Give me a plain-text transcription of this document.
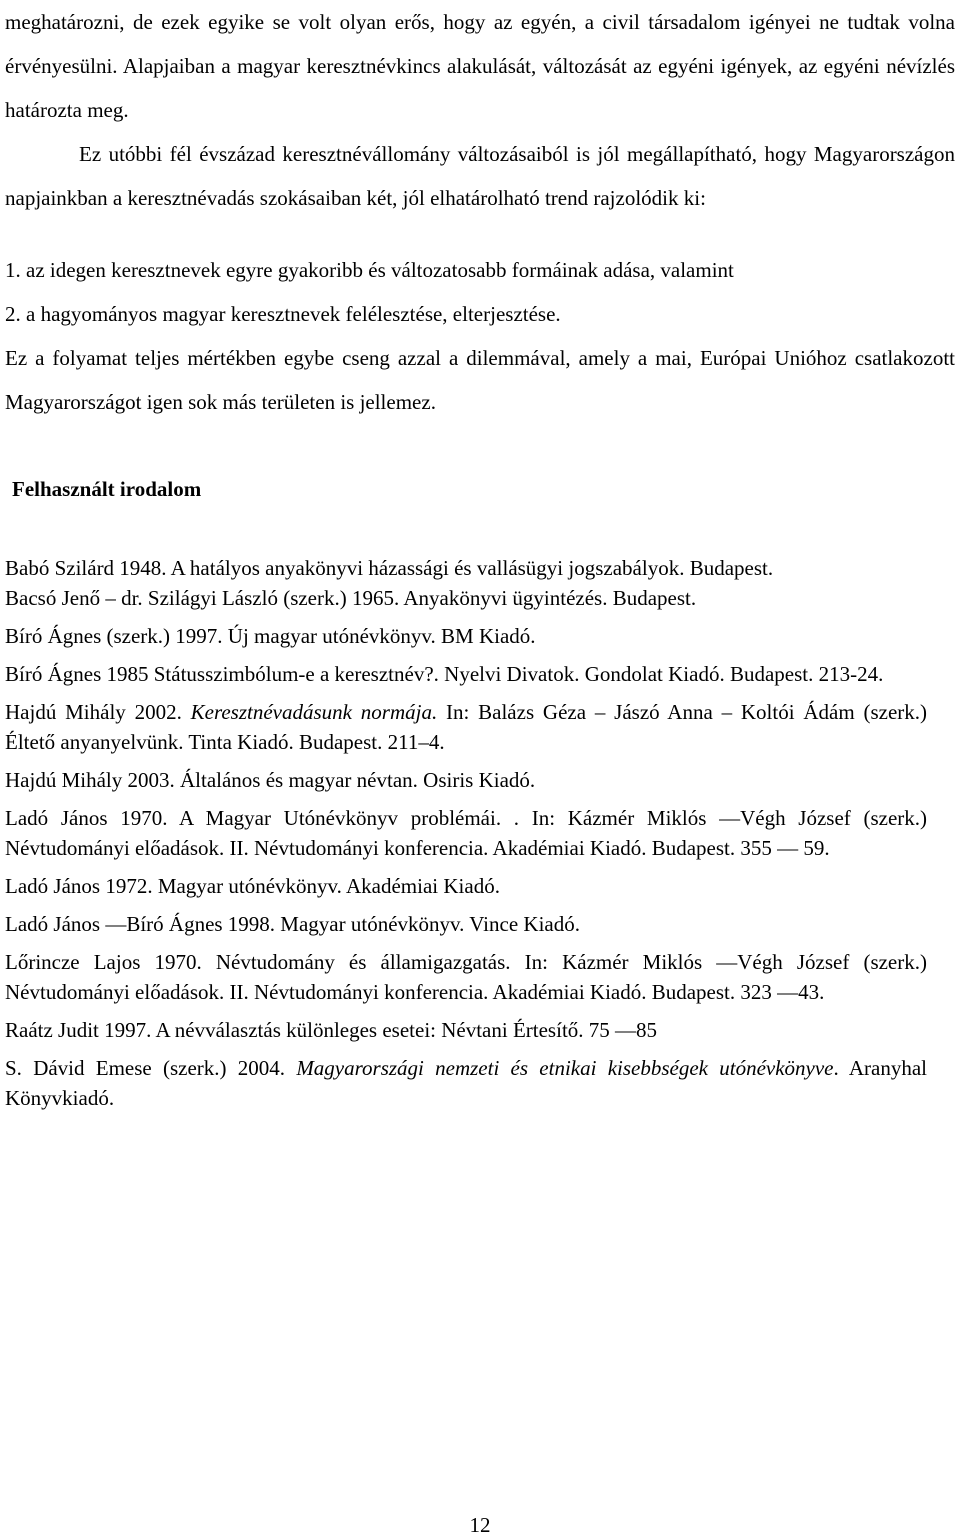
meghatározni, de ezek egyike se volt olyan erős, hogy az egyén, a civil társadalom igényei ne tudtak volna érvényesülni. Alapjaiban a magyar keresztnévkincs alakulását, változását az egyéni igények, az egyéni névízlés határozta meg.

Ez utóbbi fél évszázad keresztnévállomány változásaiból is jól megállapítható, hogy Magyarországon napjainkban a keresztnévadás szokásaiban két, jól elhatárolható trend rajzolódik ki:

1. az idegen keresztnevek egyre gyakoribb és változatosabb formáinak adása, valamint
2. a hagyományos magyar keresztnevek felélesztése, elterjesztése.

Ez a folyamat teljes mértékben egybe cseng azzal a dilemmával, amely a mai, Európai Unióhoz csatlakozott Magyarországot igen sok más területen is jellemez.

Felhasznált irodalom

Babó Szilárd 1948. A hatályos anyakönyvi házassági és vallásügyi jogszabályok. Budapest.

Bacsó Jenő – dr. Szilágyi László (szerk.) 1965. Anyakönyvi ügyintézés. Budapest.

Bíró Ágnes (szerk.) 1997. Új magyar utónévkönyv. BM Kiadó.

Bíró Ágnes 1985 Státusszimbólum-e a keresztnév?. Nyelvi Divatok. Gondolat Kiadó. Budapest. 213-24.

Hajdú Mihály 2002. Keresztnévadásunk normája. In: Balázs Géza – Jászó Anna – Koltói Ádám (szerk.) Éltető anyanyelvünk. Tinta Kiadó. Budapest. 211–4.

Hajdú Mihály 2003. Általános és magyar névtan. Osiris Kiadó.

Ladó János 1970. A Magyar Utónévkönyv problémái. . In: Kázmér Miklós —Végh József (szerk.) Névtudományi előadások. II. Névtudományi konferencia. Akadémiai Kiadó. Budapest. 355 — 59.

Ladó János 1972. Magyar utónévkönyv. Akadémiai Kiadó.

Ladó János —Bíró Ágnes 1998. Magyar utónévkönyv. Vince Kiadó.

Lőrincze Lajos 1970. Névtudomány és államigazgatás. In: Kázmér Miklós —Végh József (szerk.) Névtudományi előadások. II. Névtudományi konferencia. Akadémiai Kiadó. Budapest. 323 —43.

Raátz Judit 1997. A névválasztás különleges esetei: Névtani Értesítő. 75 —85

S. Dávid Emese (szerk.) 2004. Magyarországi nemzeti és etnikai kisebbségek utónévkönyve. Aranyhal Könyvkiadó.

12
